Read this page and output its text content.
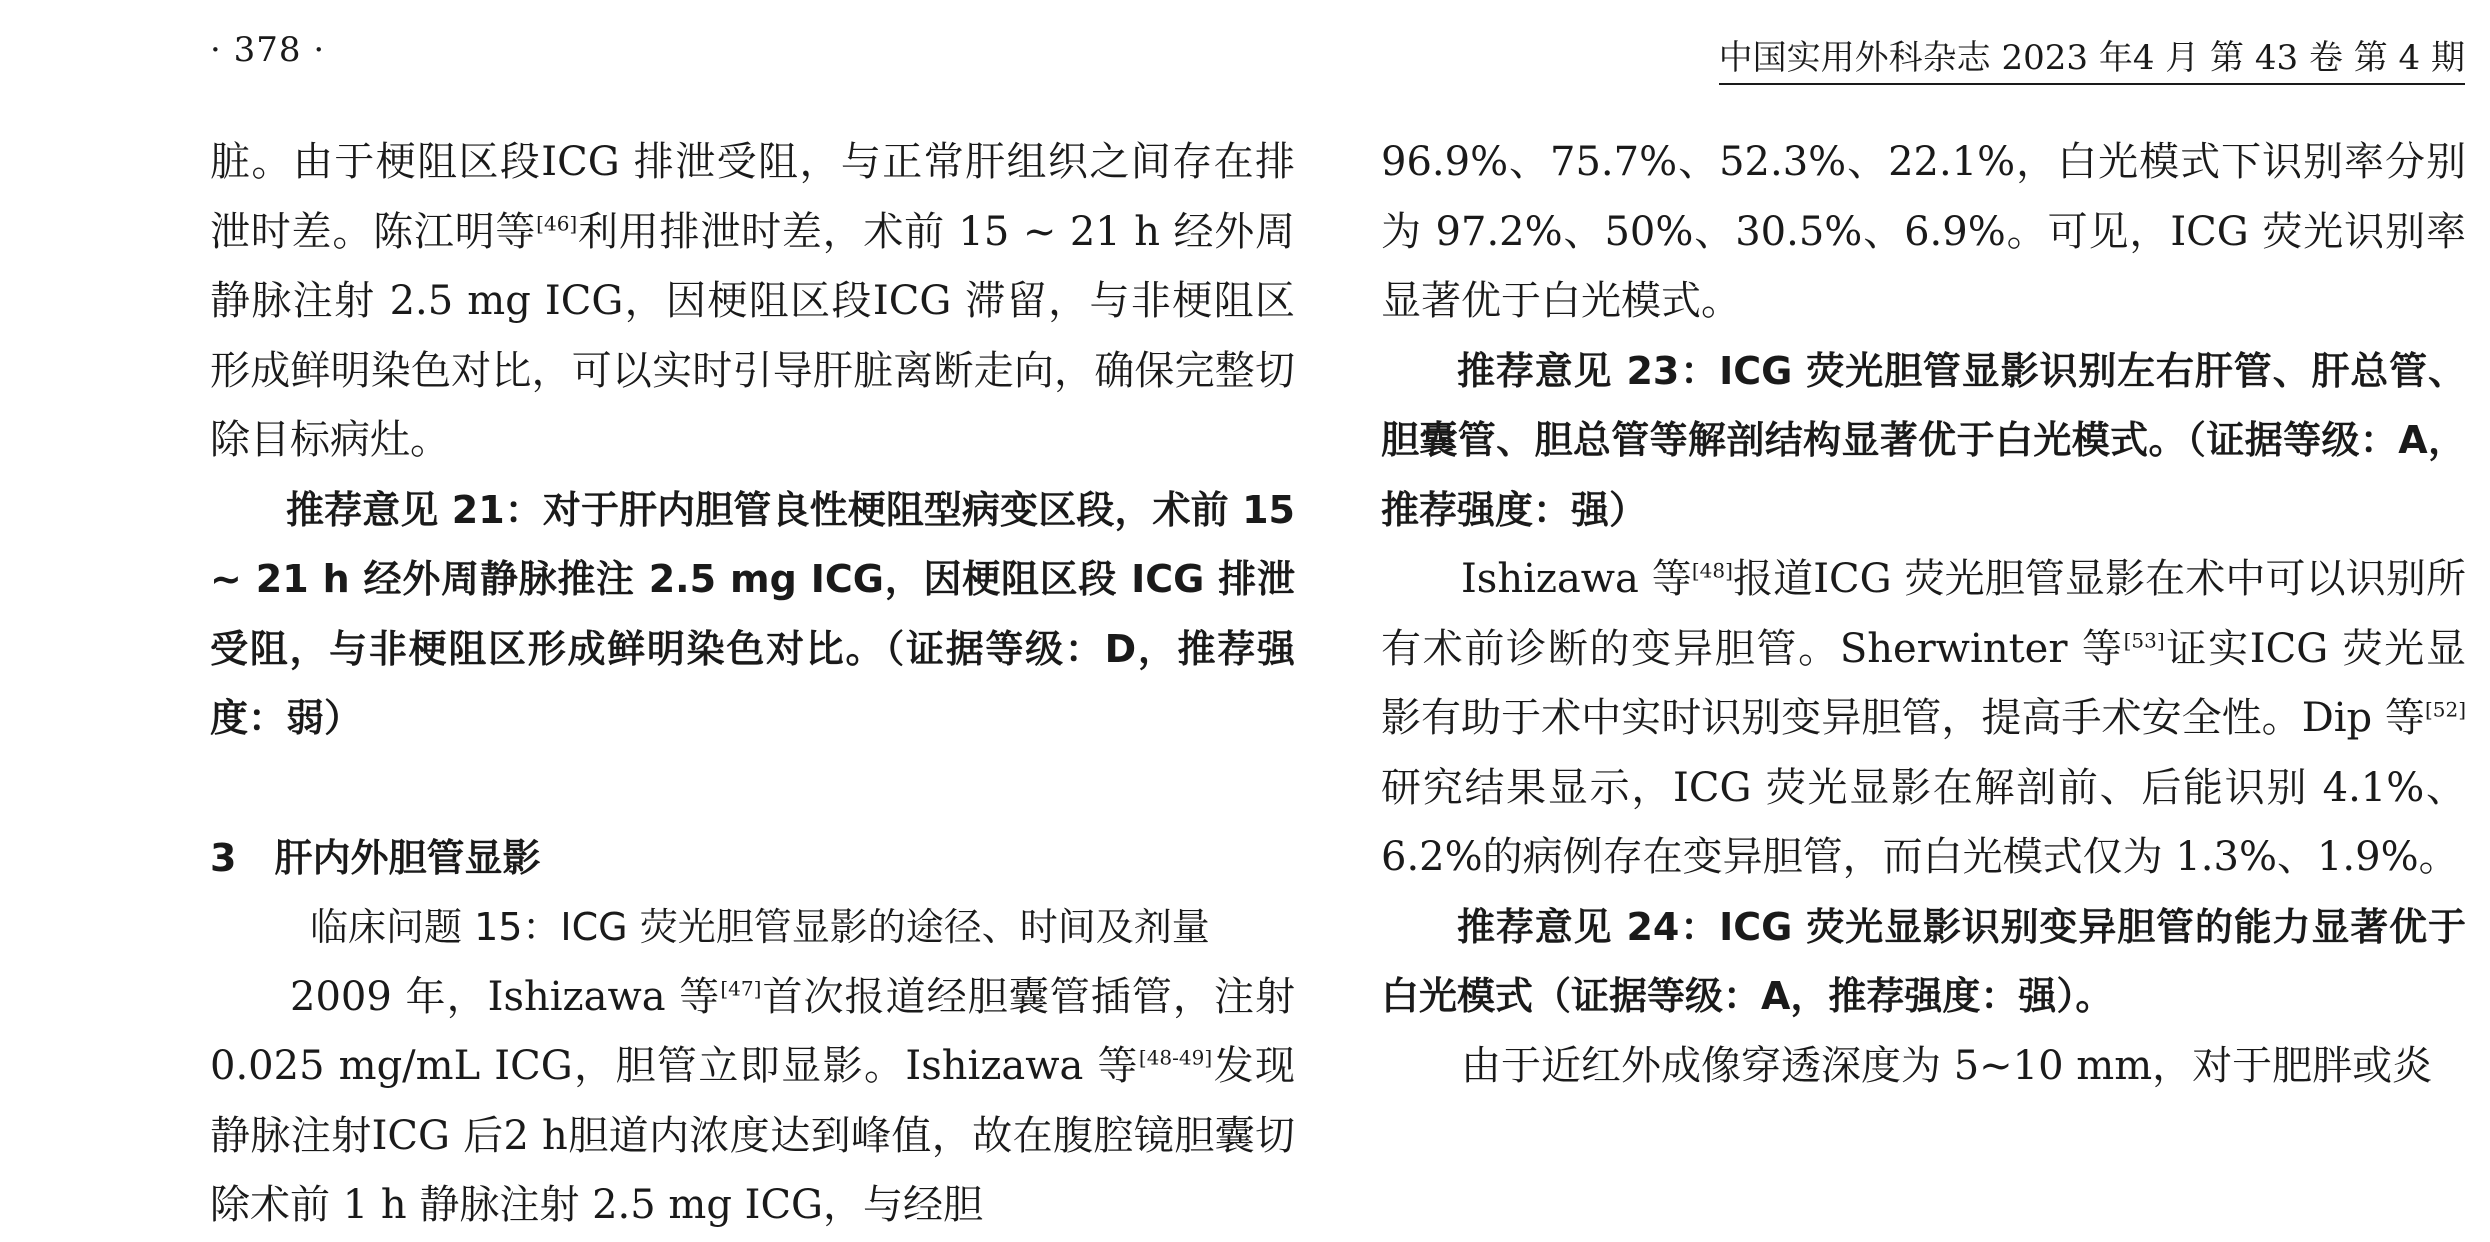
· 378 ·	中国实用外科杂志 2023 年4 月 第 43 卷 第 4 期

脏。由于梗阻区段ICG 排泄受阻，与正常肝组织之间存在排泄时差。陈江明等[46]利用排泄时差，术前 15 ~ 21 h 经外周静脉注射 2.5 mg ICG，因梗阻区段ICG 滞留，与非梗阻区形成鲜明染色对比，可以实时引导肝脏离断走向，确保完整切除目标病灶。

推荐意见 21：对于肝内胆管良性梗阻型病变区段，术前 15 ~ 21 h 经外周静脉推注 2.5 mg ICG，因梗阻区段 ICG 排泄受阻，与非梗阻区形成鲜明染色对比。（证据等级：D，推荐强度：弱）

3　肝内外胆管显影

临床问题 15：ICG 荧光胆管显影的途径、时间及剂量

2009 年，Ishizawa 等[47]首次报道经胆囊管插管，注射 0.025 mg/mL ICG，胆管立即显影。Ishizawa 等[48-49]发现静脉注射ICG 后2 h胆道内浓度达到峰值，故在腹腔镜胆囊切除术前 1 h 静脉注射 2.5 mg ICG，与经胆

96.9%、75.7%、52.3%、22.1%，白光模式下识别率分别为 97.2%、50%、30.5%、6.9%。可见，ICG 荧光识别率显著优于白光模式。

推荐意见 23：ICG 荧光胆管显影识别左右肝管、肝总管、胆囊管、胆总管等解剖结构显著优于白光模式。（证据等级：A，推荐强度：强）

Ishizawa 等[48]报道ICG 荧光胆管显影在术中可以识别所有术前诊断的变异胆管。Sherwinter 等[53]证实ICG 荧光显影有助于术中实时识别变异胆管，提高手术安全性。Dip 等[52]研究结果显示，ICG 荧光显影在解剖前、后能识别 4.1%、6.2%的病例存在变异胆管，而白光模式仅为 1.3%、1.9%。

推荐意见 24：ICG 荧光显影识别变异胆管的能力显著优于白光模式（证据等级：A，推荐强度：强）。

由于近红外成像穿透深度为 5~10 mm，对于肥胖或炎
